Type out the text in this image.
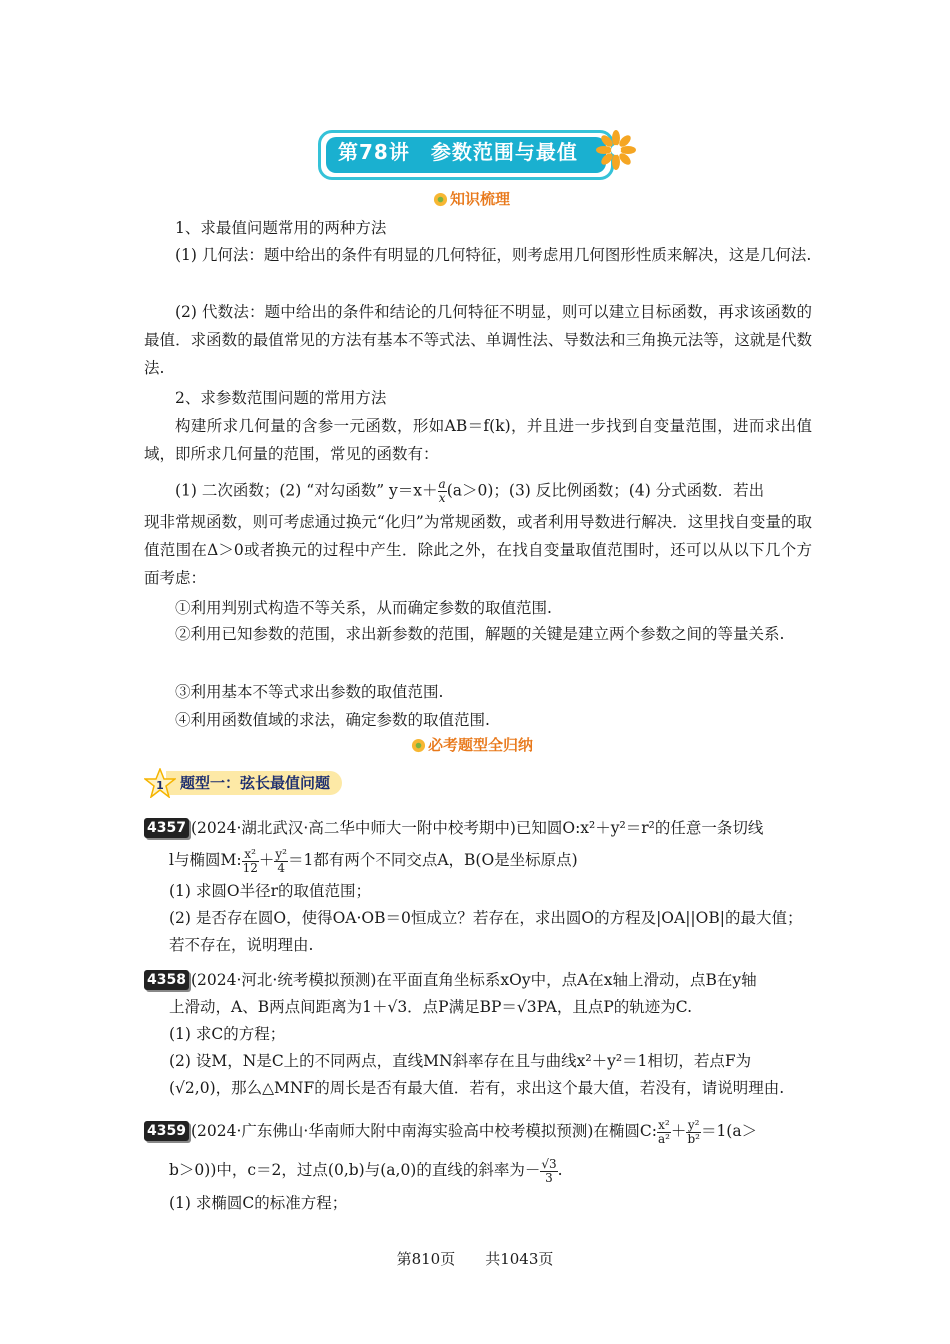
第78讲　参数范围与最值
知识梳理
1、求最值问题常用的两种方法
(1) 几何法：题中给出的条件有明显的几何特征，则考虑用几何图形性质来解决，这是几何法.
(2) 代数法：题中给出的条件和结论的几何特征不明显，则可以建立目标函数，再求该函数的最值．求函数的最值常见的方法有基本不等式法、单调性法、导数法和三角换元法等，这就是代数法.
2、求参数范围问题的常用方法
构建所求几何量的含参一元函数，形如AB＝f(k)，并且进一步找到自变量范围，进而求出值域，即所求几何量的范围，常见的函数有：
(1) 二次函数；(2) “对勾函数” $y=x+ \frac{a}{x} (a>0)$；(3) 反比例函数；(4) 分式函数．若出
现非常规函数，则可考虑通过换元“化归”为常规函数，或者利用导数进行解决．这里找自变量的取值范围在Δ＞0或者换元的过程中产生．除此之外，在找自变量取值范围时，还可以从以下几个方面考虑：
①利用判别式构造不等关系，从而确定参数的取值范围.
②利用已知参数的范围，求出新参数的范围，解题的关键是建立两个参数之间的等量关系.
③利用基本不等式求出参数的取值范围.
④利用函数值域的求法，确定参数的取值范围.
必考题型全归纳
1 题型一：弦长最值问题
4357 (2024·湖北武汉·高二华中师大一附中校考期中)已知圆O:x²＋y²＝r²的任意一条切线
l与椭圆M: $\frac{\text{x²}}{12} + \frac{\text{y²}}{4} =1$都有两个不同交点A，B(O是坐标原点)
(1) 求圆O半径r的取值范围；
(2) 是否存在圆O，使得OA·OB＝0恒成立？若存在，求出圆O的方程及|OA||OB|的最大值；若不存在，说明理由.
4358 (2024·河北·统考模拟预测)在平面直角坐标系xOy中，点A在x轴上滑动，点B在y轴
上滑动，A、B两点间距离为1＋√3．点P满足BP＝√3PA，且点P的轨迹为C.
(1) 求C的方程；
(2) 设M，N是C上的不同两点，直线MN斜率存在且与曲线x²＋y²＝1相切，若点F为(√2,0)，那么△MNF的周长是否有最大值．若有，求出这个最大值，若没有，请说明理由.
4359 (2024·广东佛山·华南师大附中南海实验高中校考模拟预测)在椭圆C: $\frac{\text{x²}}{\text{a²}} + \frac{\text{y²}}{\text{b²}} =1(a>$
b＞0))中，c＝2，过点(0,b)与(a,0)的直线的斜率为－ $\frac{√3}{3}$ .
(1) 求椭圆C的标准方程；
第810页　　共1043页
